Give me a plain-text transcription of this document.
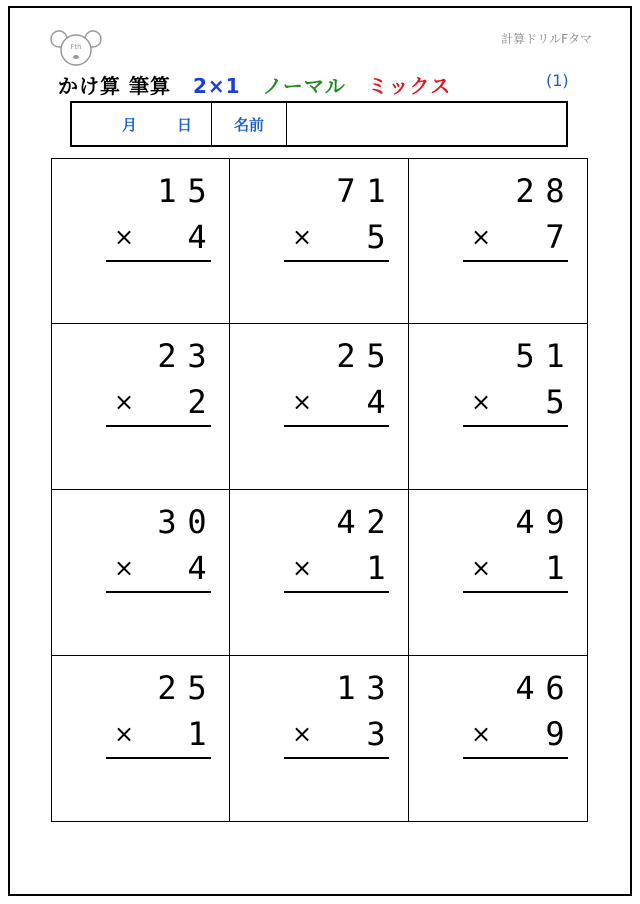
Fth
計算ドリルFタマ
かけ算 筆算 2×1 ノーマル ミックス	(1)
月	日	名前
1 5
4
×
7 1
5
×
2 8
7
×
2 3
2
×
2 5
4
×
5 1
5
×
3 0
4
×
4 2
1
×
4 9
1
×
2 5
1
×
1 3
3
×
4 6
9
×
